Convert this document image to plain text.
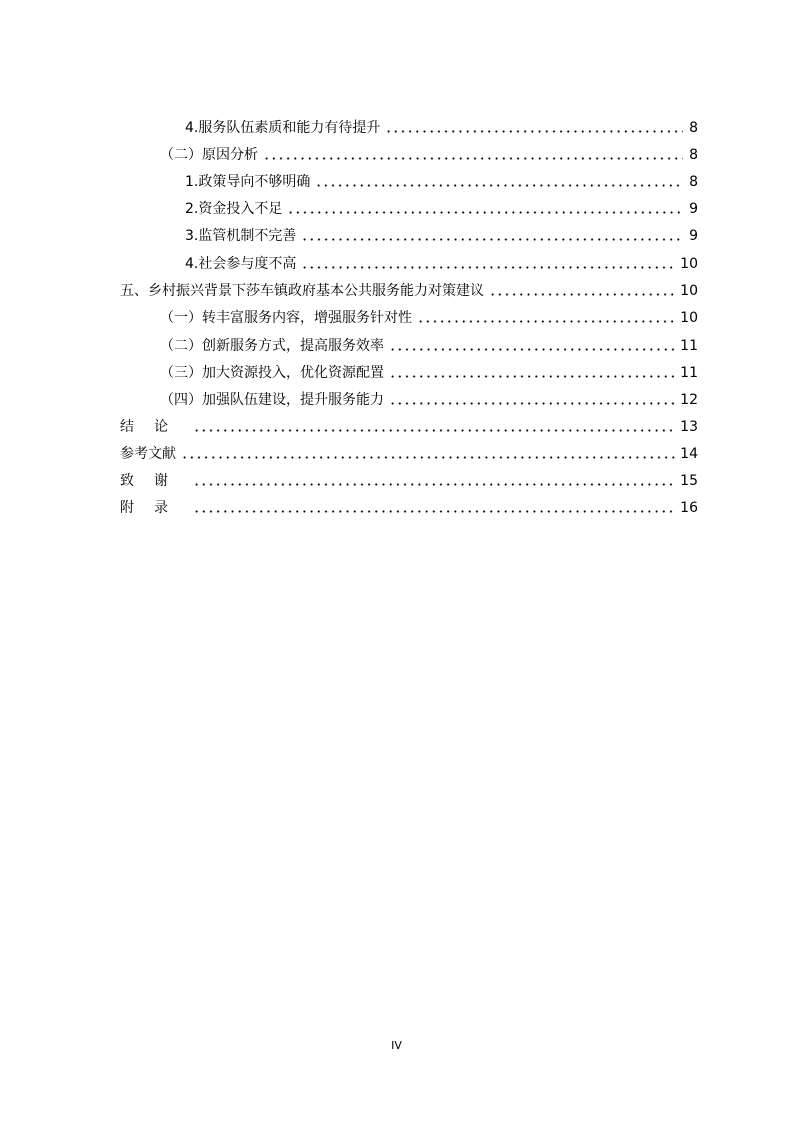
4.服务队伍素质和能力有待提升	8
（二）原因分析	8
1.政策导向不够明确	8
2.资金投入不足	9
3.监管机制不完善	9
4.社会参与度不高	10
五、乡村振兴背景下莎车镇政府基本公共服务能力对策建议	10
（一）转丰富服务内容，增强服务针对性	10
（二）创新服务方式，提高服务效率	11
（三）加大资源投入，优化资源配置	11
（四）加强队伍建设，提升服务能力	12
结论	13
参考文献	14
致谢	15
附录	16
IV
